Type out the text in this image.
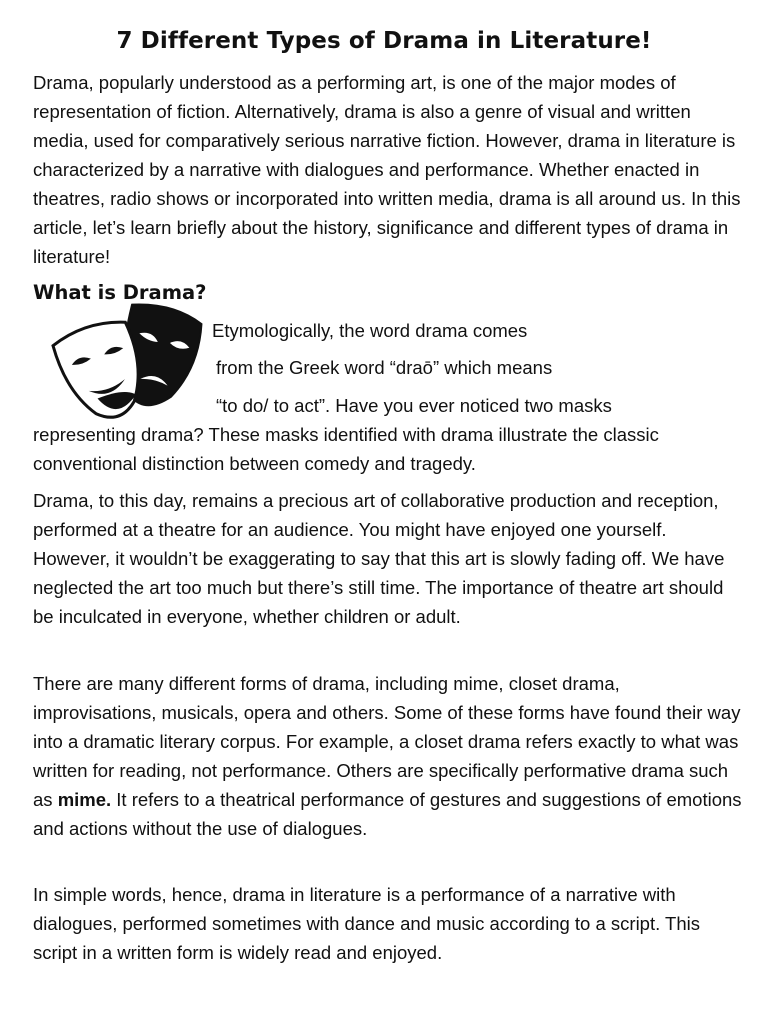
7 Different Types of Drama in Literature!

Drama, popularly understood as a performing art, is one of the major modes of representation of fiction. Alternatively, drama is also a genre of visual and written media, used for comparatively serious narrative fiction. However, drama in literature is characterized by a narrative with dialogues and performance. Whether enacted in theatres, radio shows or incorporated into written media, drama is all around us. In this article, let’s learn briefly about the history, significance and different types of drama in literature!

What is Drama?

Etymologically, the word drama comes

from the Greek word “draō” which means

“to do/ to act”. Have you ever noticed two masks

representing drama? These masks identified with drama illustrate the classic conventional distinction between comedy and tragedy.

Drama, to this day, remains a precious art of collaborative production and reception, performed at a theatre for an audience. You might have enjoyed one yourself. However, it wouldn’t be exaggerating to say that this art is slowly fading off. We have neglected the art too much but there’s still time. The importance of theatre art should be inculcated in everyone, whether children or adult.

There are many different forms of drama, including mime, closet drama, improvisations, musicals, opera and others. Some of these forms have found their way into a dramatic literary corpus. For example, a closet drama refers exactly to what was written for reading, not performance. Others are specifically performative drama such as mime. It refers to a theatrical performance of gestures and suggestions of emotions and actions without the use of dialogues.

In simple words, hence, drama in literature is a performance of a narrative with dialogues, performed sometimes with dance and music according to a script. This script in a written form is widely read and enjoyed.
